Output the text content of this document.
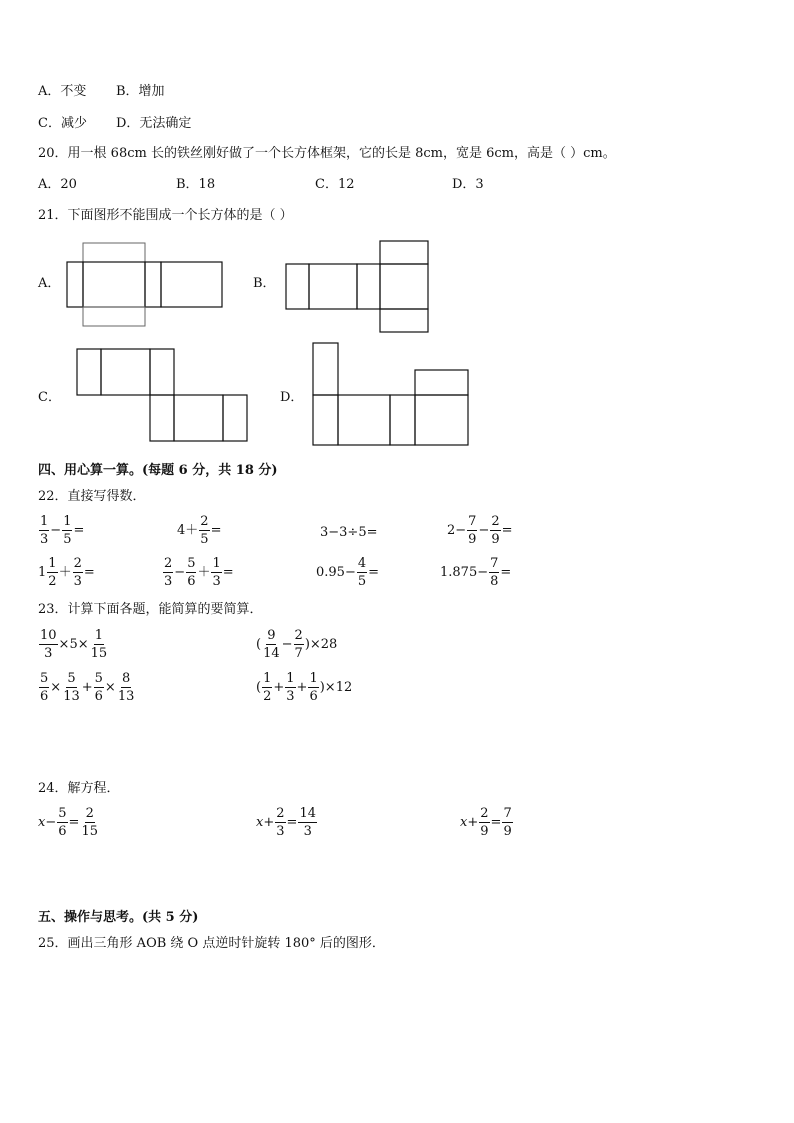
A．不变 B．增加
C．减少 D．无法确定
20．用一根 68cm 长的铁丝刚好做了一个长方体框架，它的长是 8cm，宽是 6cm，高是（ ）cm。
A．20	B．18	C．12	D．3
21．下面图形不能围成一个长方体的是（ ）
A．	B．
C．	D．
四、用心算一算。(每题 6 分，共 18 分)
22．直接写得数．
$\frac{1}{3} - \frac{1}{5}$ =	$4+ \frac{2}{5}$ =	3−3÷5=	$2- \frac{7}{9} - \frac{2}{9}$ =
$1 \frac{1}{2} + \frac{2}{3}$ =	$\frac{2}{3} - \frac{5}{6} + \frac{1}{3}$ =	$0.95- \frac{4}{5}$ =	$1.875- \frac{7}{8}$ =
23．计算下面各题，能简算的要简算．
$\frac{10}{3} \times 5\times \frac{1}{15}$	( $\frac{9}{14} - \frac{2}{7} )\times 28$
$\frac{5}{6} \times \frac{5}{13} + \frac{5}{6} \times \frac{8}{13}$	( $\frac{1}{2} + \frac{1}{3} + \frac{1}{6} )\times 12$
24．解方程．
$x - \frac{5}{6} = \frac{2}{15}$	$x + \frac{2}{3} = \frac{14}{3}$	$x + \frac{2}{9} = \frac{7}{9}$
五、操作与思考。(共 5 分)
25．画出三角形 AOB 绕 O 点逆时针旋转 180° 后的图形．
